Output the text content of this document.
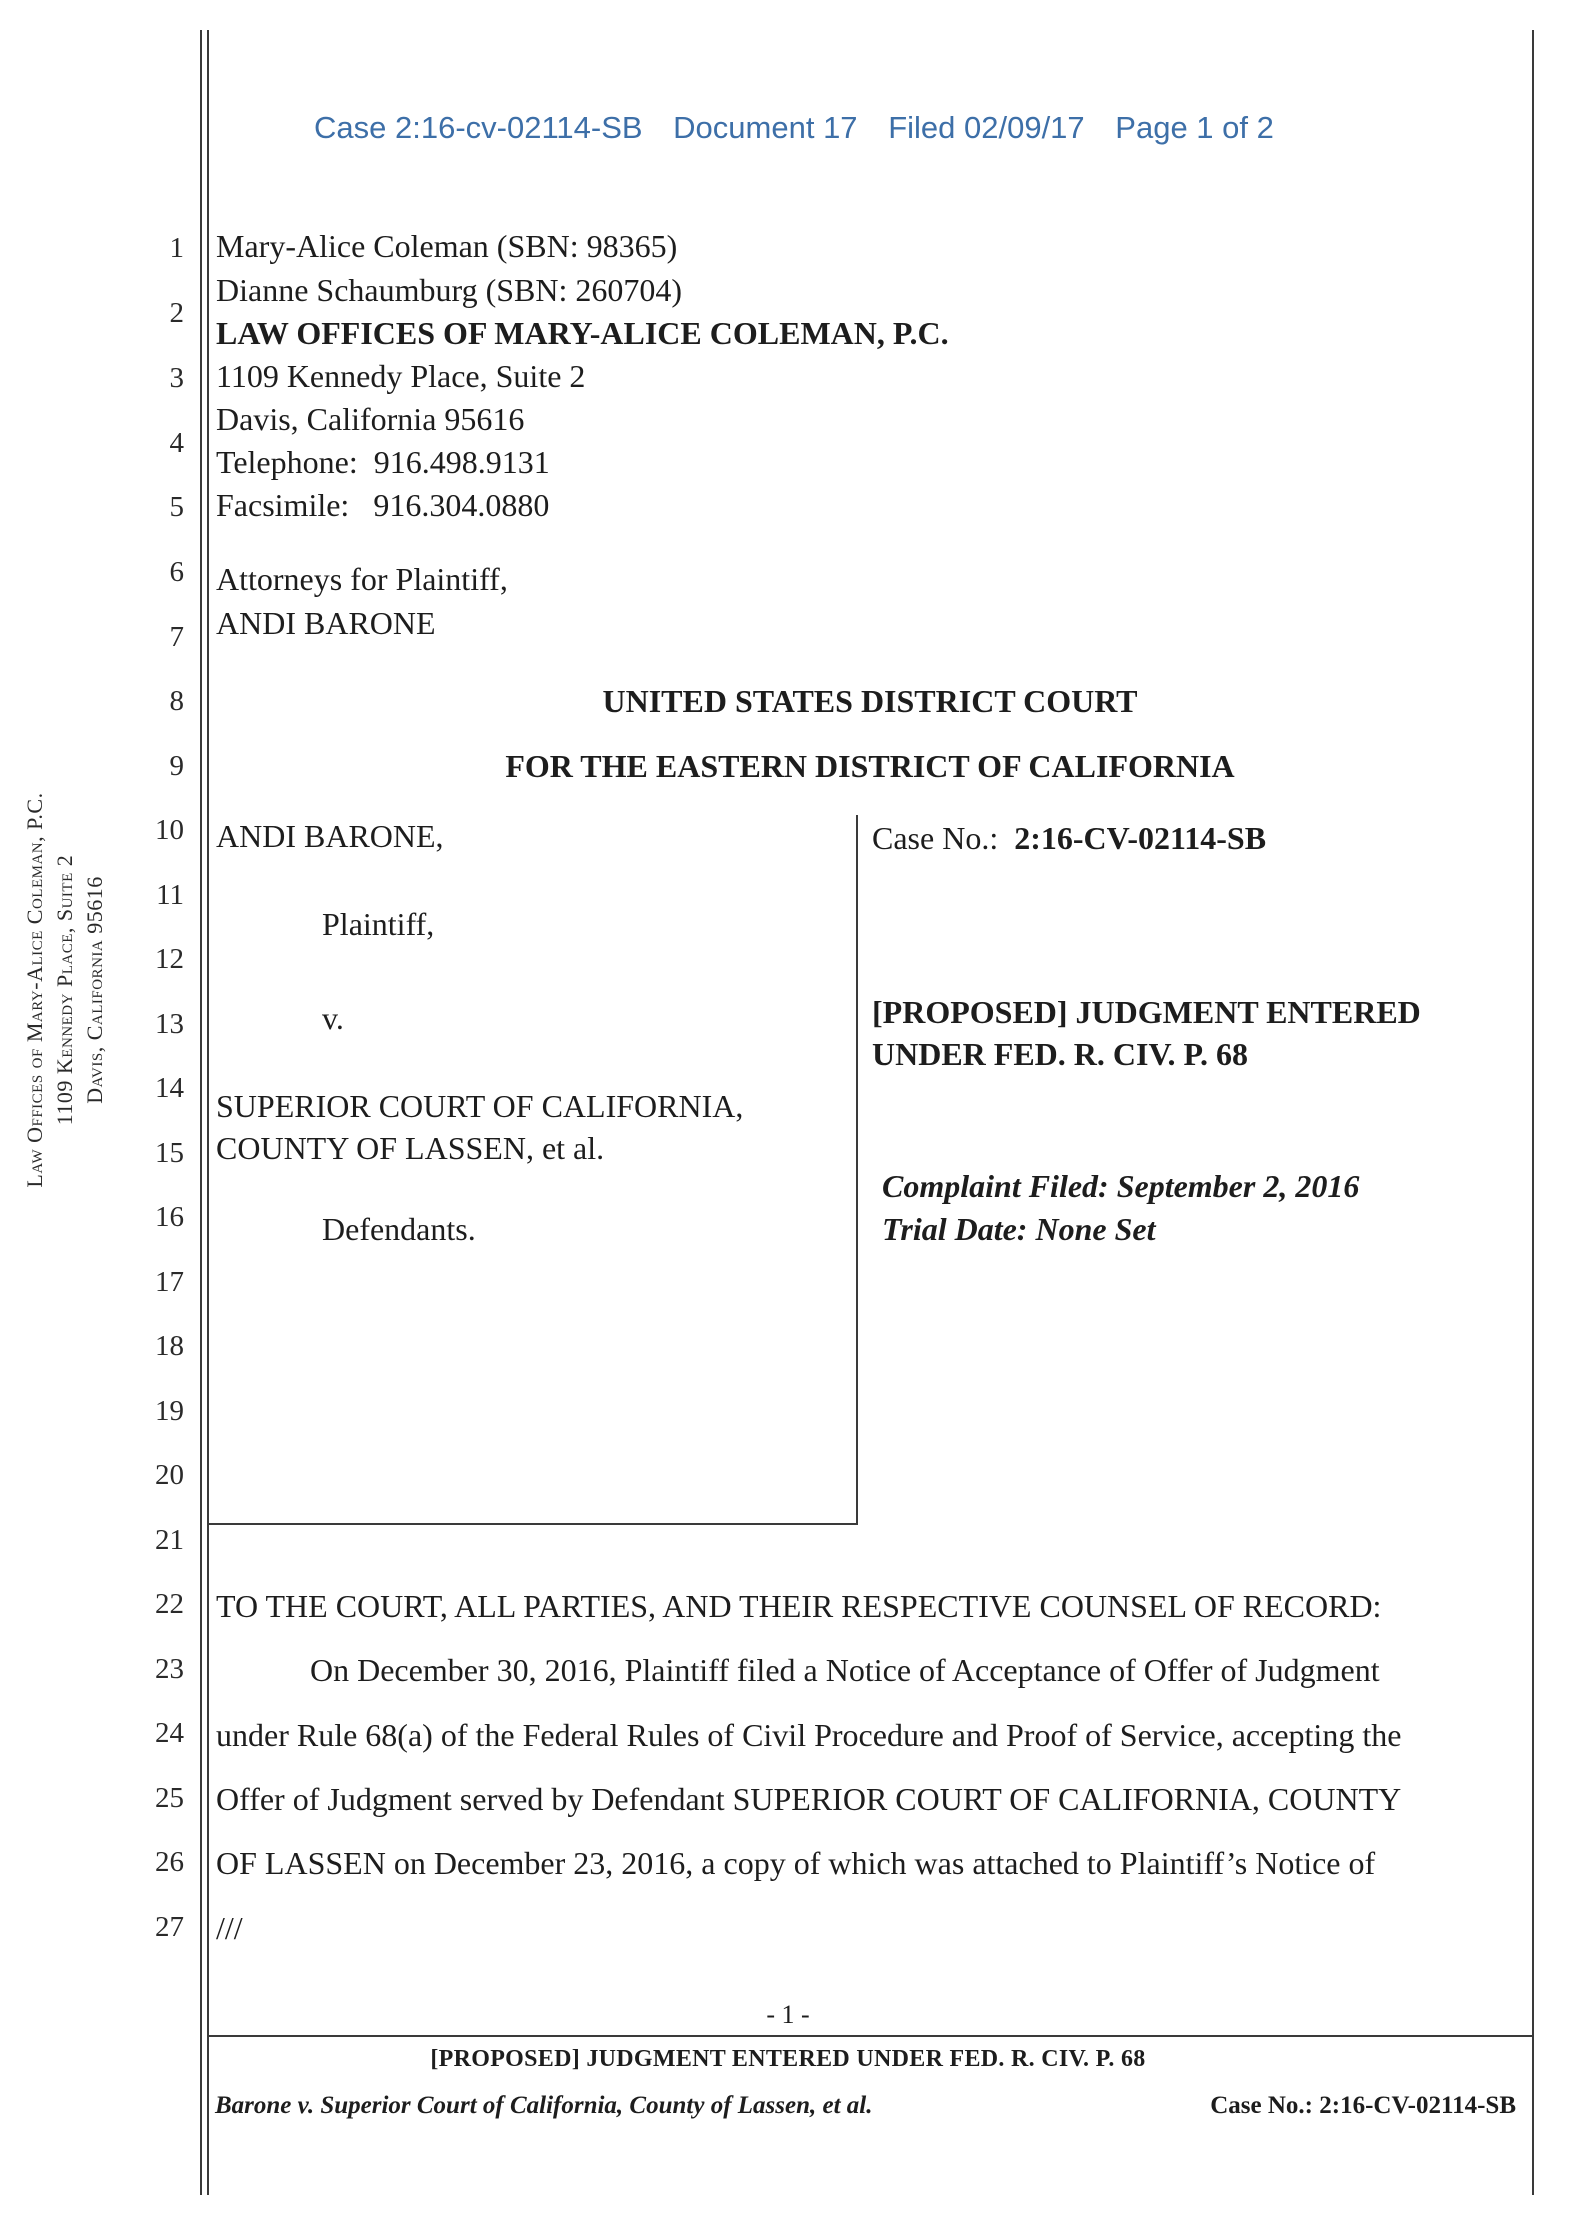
Case 2:16-cv-02114-SB Document 17 Filed 02/09/17 Page 1 of 2
1
2
3
4
5
6
7
8
9
10
11
12
13
14
15
16
17
18
19
20
21
22
23
24
25
26
27
Mary-Alice Coleman (SBN: 98365)
Dianne Schaumburg (SBN: 260704)
LAW OFFICES OF MARY-ALICE COLEMAN, P.C.
1109 Kennedy Place, Suite 2
Davis, California 95616
Telephone:  916.498.9131
Facsimile:   916.304.0880
Attorneys for Plaintiff,
ANDI BARONE
UNITED STATES DISTRICT COURT
FOR THE EASTERN DISTRICT OF CALIFORNIA
ANDI BARONE,
Plaintiff,
v.
SUPERIOR COURT OF CALIFORNIA,
COUNTY OF LASSEN, et al.
Defendants.
Case No.: 2:16-CV-02114-SB
[PROPOSED] JUDGMENT ENTERED
UNDER FED. R. CIV. P. 68
Complaint Filed: September 2, 2016
Trial Date: None Set
TO THE COURT, ALL PARTIES, AND THEIR RESPECTIVE COUNSEL OF RECORD:
On December 30, 2016, Plaintiff filed a Notice of Acceptance of Offer of Judgment
under Rule 68(a) of the Federal Rules of Civil Procedure and Proof of Service, accepting the
Offer of Judgment served by Defendant SUPERIOR COURT OF CALIFORNIA, COUNTY
OF LASSEN on December 23, 2016, a copy of which was attached to Plaintiff’s Notice of
///
Law Offices of Mary-Alice Coleman, P.C. 1109 Kennedy Place, Suite 2 Davis, California 95616
- 1 -
[PROPOSED] JUDGMENT ENTERED UNDER FED. R. CIV. P. 68
Barone v. Superior Court of California, County of Lassen, et al.	Case No.: 2:16-CV-02114-SB
